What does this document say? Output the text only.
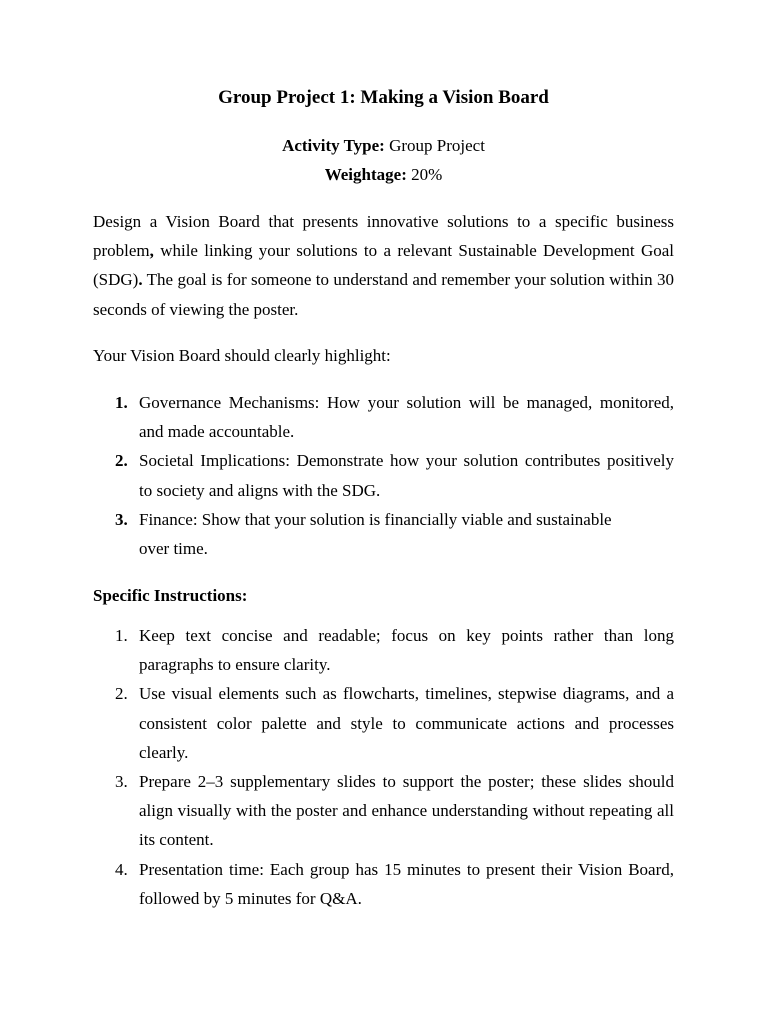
Group Project 1: Making a Vision Board
Activity Type: Group Project
Weightage: 20%
Design a Vision Board that presents innovative solutions to a specific business problem, while linking your solutions to a relevant Sustainable Development Goal (SDG). The goal is for someone to understand and remember your solution within 30 seconds of viewing the poster.
Your Vision Board should clearly highlight:
1. Governance Mechanisms: How your solution will be managed, monitored, and made accountable.
2. Societal Implications: Demonstrate how your solution contributes positively to society and aligns with the SDG.
3. Finance: Show that your solution is financially viable and sustainable over time.
Specific Instructions:
1. Keep text concise and readable; focus on key points rather than long paragraphs to ensure clarity.
2. Use visual elements such as flowcharts, timelines, stepwise diagrams, and a consistent color palette and style to communicate actions and processes clearly.
3. Prepare 2–3 supplementary slides to support the poster; these slides should align visually with the poster and enhance understanding without repeating all its content.
4. Presentation time: Each group has 15 minutes to present their Vision Board, followed by 5 minutes for Q&A.
